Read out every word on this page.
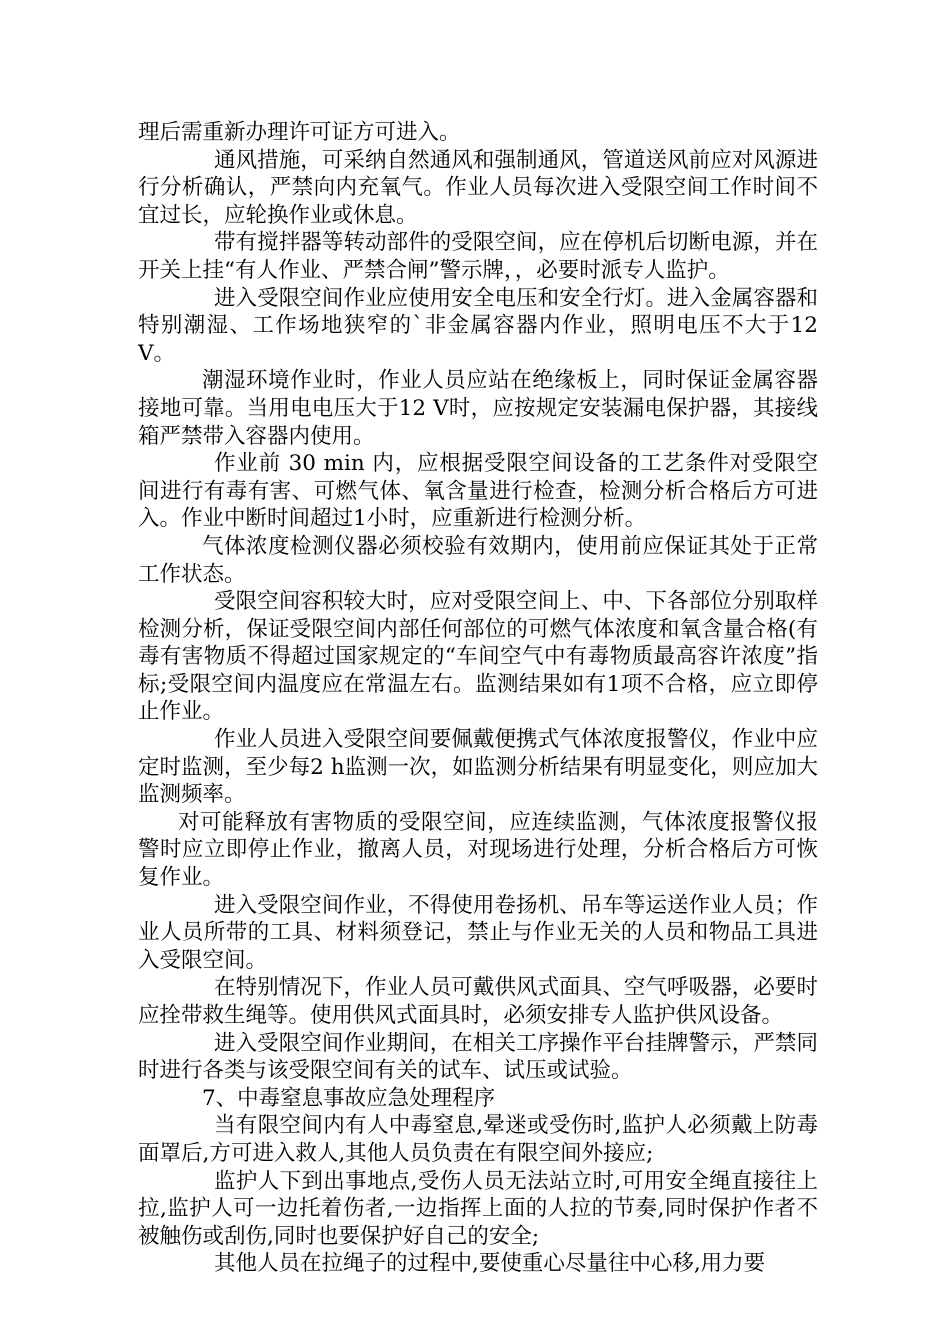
理后需重新办理许可证方可进入。

通风措施，可采纳自然通风和强制通风，管道送风前应对风源进行分析确认，严禁向内充氧气。作业人员每次进入受限空间工作时间不宜过长，应轮换作业或休息。

带有搅拌器等转动部件的受限空间，应在停机后切断电源，并在开关上挂“有人作业、严禁合闸”警示牌，，必要时派专人监护。

进入受限空间作业应使用安全电压和安全行灯。进入金属容器和特别潮湿、工作场地狭窄的`非金属容器内作业，照明电压不大于12 V。

潮湿环境作业时，作业人员应站在绝缘板上，同时保证金属容器接地可靠。当用电电压大于12 V时，应按规定安装漏电保护器，其接线箱严禁带入容器内使用。

作业前 30 min 内，应根据受限空间设备的工艺条件对受限空间进行有毒有害、可燃气体、氧含量进行检查，检测分析合格后方可进入。作业中断时间超过1小时，应重新进行检测分析。

气体浓度检测仪器必须校验有效期内，使用前应保证其处于正常工作状态。

受限空间容积较大时，应对受限空间上、中、下各部位分别取样检测分析，保证受限空间内部任何部位的可燃气体浓度和氧含量合格(有毒有害物质不得超过国家规定的“车间空气中有毒物质最高容许浓度”指标;受限空间内温度应在常温左右。监测结果如有1项不合格，应立即停止作业。

作业人员进入受限空间要佩戴便携式气体浓度报警仪，作业中应定时监测，至少每2 h监测一次，如监测分析结果有明显变化，则应加大监测频率。

对可能释放有害物质的受限空间，应连续监测，气体浓度报警仪报警时应立即停止作业，撤离人员，对现场进行处理，分析合格后方可恢复作业。

进入受限空间作业，不得使用卷扬机、吊车等运送作业人员；作业人员所带的工具、材料须登记，禁止与作业无关的人员和物品工具进入受限空间。

在特别情况下，作业人员可戴供风式面具、空气呼吸器，必要时应拴带救生绳等。使用供风式面具时，必须安排专人监护供风设备。

进入受限空间作业期间，在相关工序操作平台挂牌警示，严禁同时进行各类与该受限空间有关的试车、试压或试验。

7、中毒窒息事故应急处理程序

当有限空间内有人中毒窒息,晕迷或受伤时,监护人必须戴上防毒面罩后,方可进入救人,其他人员负责在有限空间外接应;

监护人下到出事地点,受伤人员无法站立时,可用安全绳直接往上拉,监护人可一边托着伤者,一边指挥上面的人拉的节奏,同时保护作者不被触伤或刮伤,同时也要保护好自己的安全;

其他人员在拉绳子的过程中,要使重心尽量往中心移,用力要
